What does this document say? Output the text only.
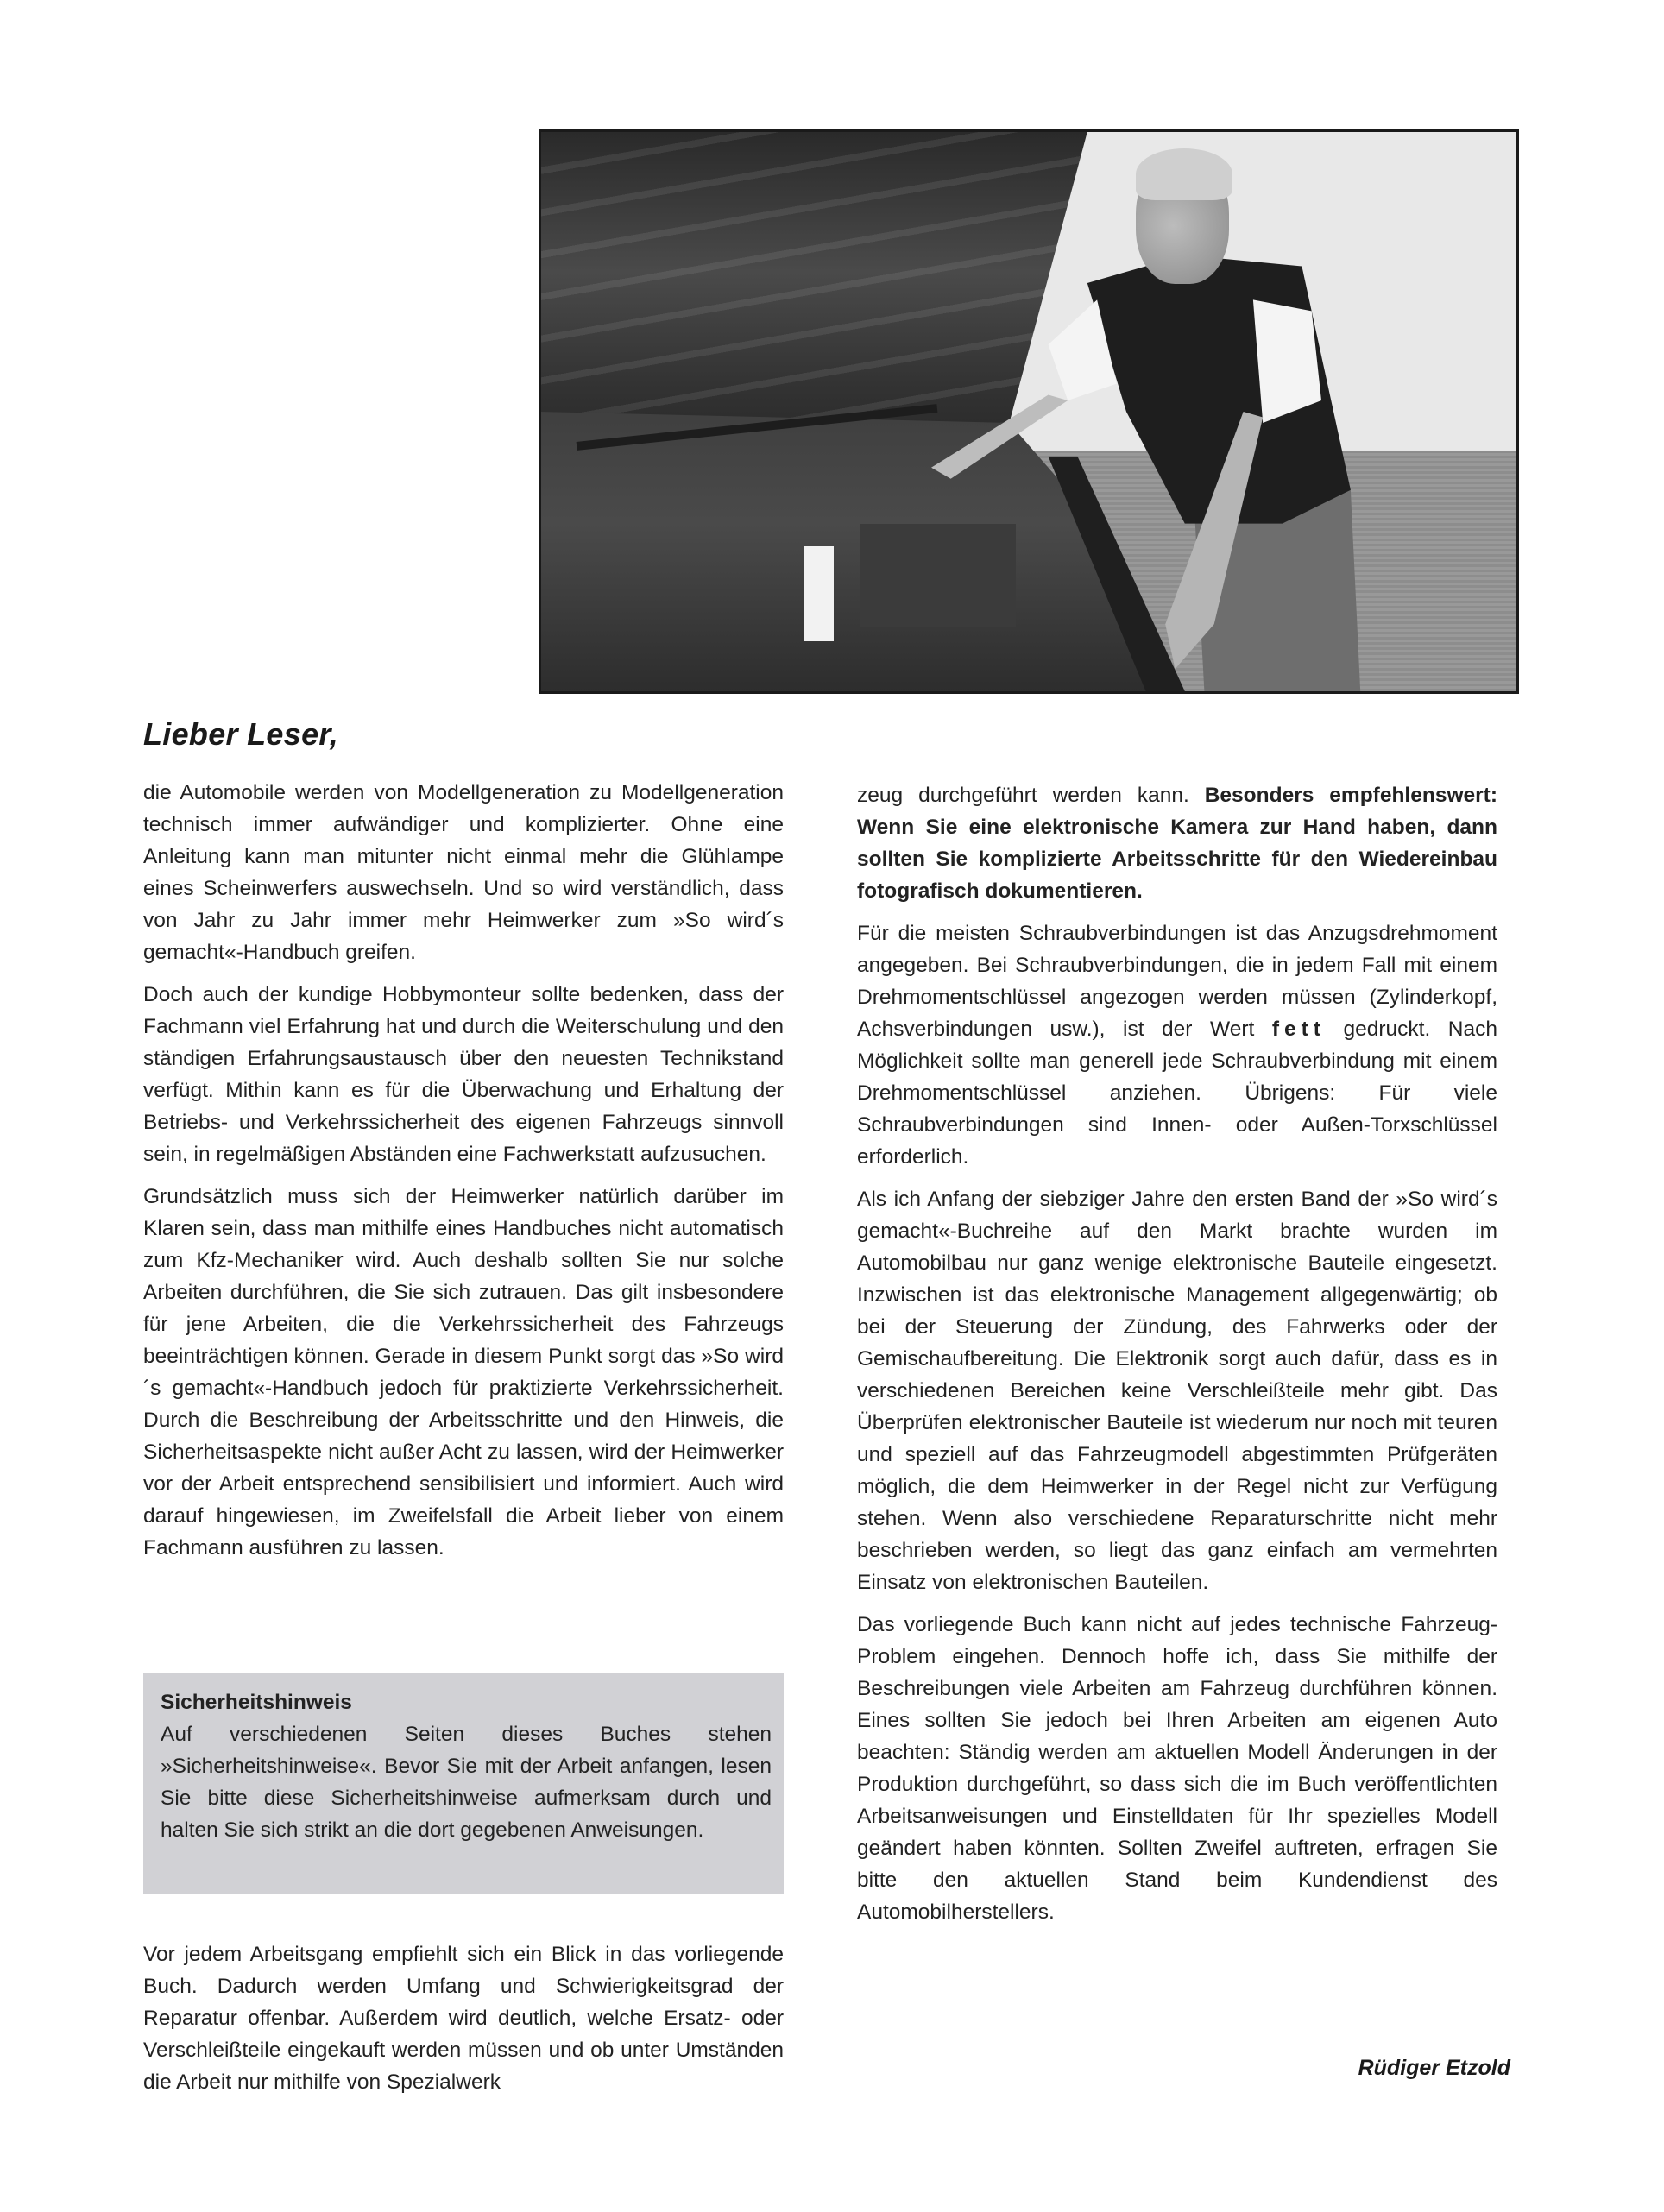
Lieber Leser,

die Automobile werden von Modellgeneration zu Modellgeneration technisch immer aufwändiger und komplizierter. Ohne eine Anleitung kann man mitunter nicht einmal mehr die Glühlampe eines Scheinwerfers auswechseln. Und so wird verständlich, dass von Jahr zu Jahr immer mehr Heimwerker zum »So wird´s gemacht«-Handbuch greifen.

Doch auch der kundige Hobbymonteur sollte bedenken, dass der Fachmann viel Erfahrung hat und durch die Weiterschulung und den ständigen Erfahrungsaustausch über den neuesten Technikstand verfügt. Mithin kann es für die Überwachung und Erhaltung der Betriebs- und Verkehrssicherheit des eigenen Fahrzeugs sinnvoll sein, in regelmäßigen Abständen eine Fachwerkstatt aufzusuchen.

Grundsätzlich muss sich der Heimwerker natürlich darüber im Klaren sein, dass man mithilfe eines Handbuches nicht automatisch zum Kfz-Mechaniker wird. Auch deshalb sollten Sie nur solche Arbeiten durchführen, die Sie sich zutrauen. Das gilt insbesondere für jene Arbeiten, die die Verkehrssicherheit des Fahrzeugs beeinträchtigen können. Gerade in diesem Punkt sorgt das »So wird´s gemacht«-Handbuch jedoch für praktizierte Verkehrssicherheit. Durch die Beschreibung der Arbeitsschritte und den Hinweis, die Sicherheitsaspekte nicht außer Acht zu lassen, wird der Heimwerker vor der Arbeit entsprechend sensibilisiert und informiert. Auch wird darauf hingewiesen, im Zweifelsfall die Arbeit lieber von einem Fachmann ausführen zu lassen.

Sicherheitshinweis
Auf verschiedenen Seiten dieses Buches stehen »Sicherheitshinweise«. Bevor Sie mit der Arbeit anfangen, lesen Sie bitte diese Sicherheitshinweise aufmerksam durch und halten Sie sich strikt an die dort gegebenen Anweisungen.

Vor jedem Arbeitsgang empfiehlt sich ein Blick in das vorliegende Buch. Dadurch werden Umfang und Schwierigkeitsgrad der Reparatur offenbar. Außerdem wird deutlich, welche Ersatz- oder Verschleißteile eingekauft werden müssen und ob unter Umständen die Arbeit nur mithilfe von Spezialwerk

zeug durchgeführt werden kann. Besonders empfehlenswert: Wenn Sie eine elektronische Kamera zur Hand haben, dann sollten Sie komplizierte Arbeitsschritte für den Wiedereinbau fotografisch dokumentieren.

Für die meisten Schraubverbindungen ist das Anzugsdrehmoment angegeben. Bei Schraubverbindungen, die in jedem Fall mit einem Drehmomentschlüssel angezogen werden müssen (Zylinderkopf, Achsverbindungen usw.), ist der Wert fett gedruckt. Nach Möglichkeit sollte man generell jede Schraubverbindung mit einem Drehmomentschlüssel anziehen. Übrigens: Für viele Schraubverbindungen sind Innen- oder Außen-Torxschlüssel erforderlich.

Als ich Anfang der siebziger Jahre den ersten Band der »So wird´s gemacht«-Buchreihe auf den Markt brachte wurden im Automobilbau nur ganz wenige elektronische Bauteile eingesetzt. Inzwischen ist das elektronische Management allgegenwärtig; ob bei der Steuerung der Zündung, des Fahrwerks oder der Gemischaufbereitung. Die Elektronik sorgt auch dafür, dass es in verschiedenen Bereichen keine Verschleißteile mehr gibt. Das Überprüfen elektronischer Bauteile ist wiederum nur noch mit teuren und speziell auf das Fahrzeugmodell abgestimmten Prüfgeräten möglich, die dem Heimwerker in der Regel nicht zur Verfügung stehen. Wenn also verschiedene Reparaturschritte nicht mehr beschrieben werden, so liegt das ganz einfach am vermehrten Einsatz von elektronischen Bauteilen.

Das vorliegende Buch kann nicht auf jedes technische Fahrzeug-Problem eingehen. Dennoch hoffe ich, dass Sie mithilfe der Beschreibungen viele Arbeiten am Fahrzeug durchführen können. Eines sollten Sie jedoch bei Ihren Arbeiten am eigenen Auto beachten: Ständig werden am aktuellen Modell Änderungen in der Produktion durchgeführt, so dass sich die im Buch veröffentlichten Arbeitsanweisungen und Einstelldaten für Ihr spezielles Modell geändert haben könnten. Sollten Zweifel auftreten, erfragen Sie bitte den aktuellen Stand beim Kundendienst des Automobilherstellers.

Rüdiger Etzold
